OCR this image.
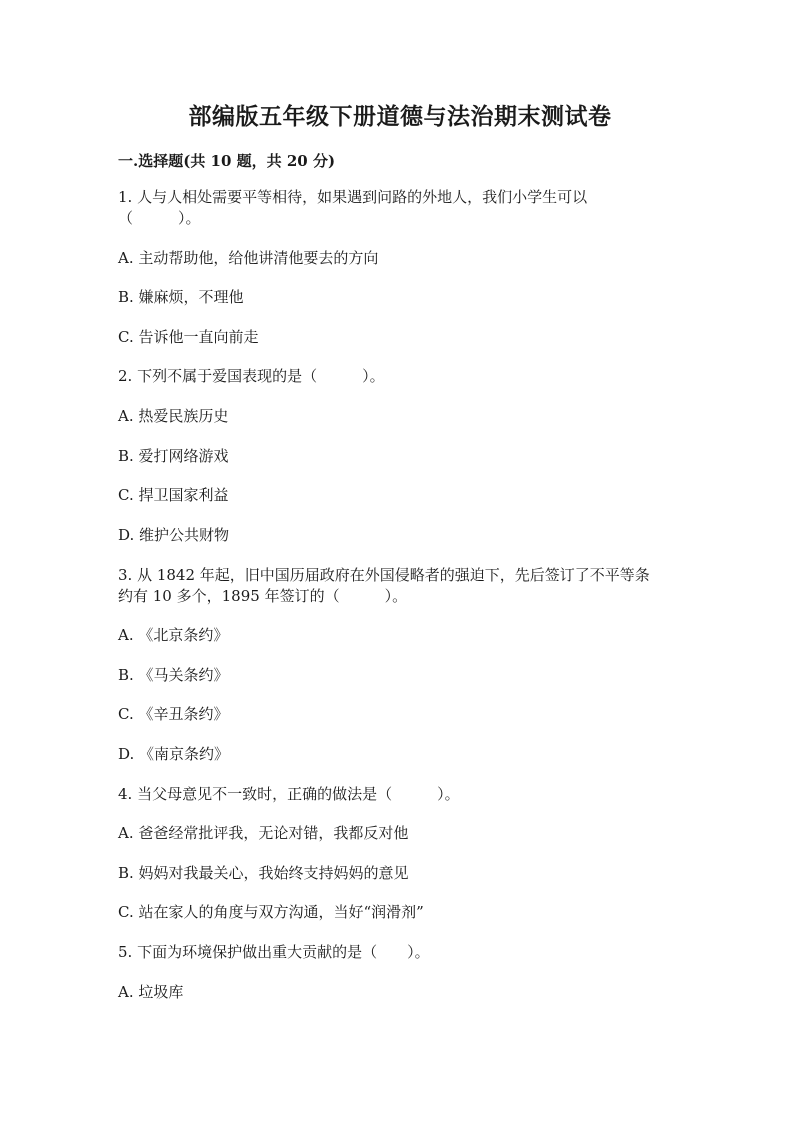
部编版五年级下册道德与法治期末测试卷

一.选择题(共 10 题，共 20 分)

1. 人与人相处需要平等相待，如果遇到问路的外地人，我们小学生可以

（　　　）。

A. 主动帮助他，给他讲清他要去的方向

B. 嫌麻烦，不理他

C. 告诉他一直向前走

2. 下列不属于爱国表现的是（　　　）。

A. 热爱民族历史

B. 爱打网络游戏

C. 捍卫国家利益

D. 维护公共财物

3. 从 1842 年起，旧中国历届政府在外国侵略者的强迫下，先后签订了不平等条

约有 10 多个，1895 年签订的（　　　）。

A. 《北京条约》

B. 《马关条约》

C. 《辛丑条约》

D. 《南京条约》

4. 当父母意见不一致时，正确的做法是（　　　）。

A. 爸爸经常批评我，无论对错，我都反对他

B. 妈妈对我最关心，我始终支持妈妈的意见

C. 站在家人的角度与双方沟通，当好“润滑剂”

5. 下面为环境保护做出重大贡献的是（　　）。

A. 垃圾库
